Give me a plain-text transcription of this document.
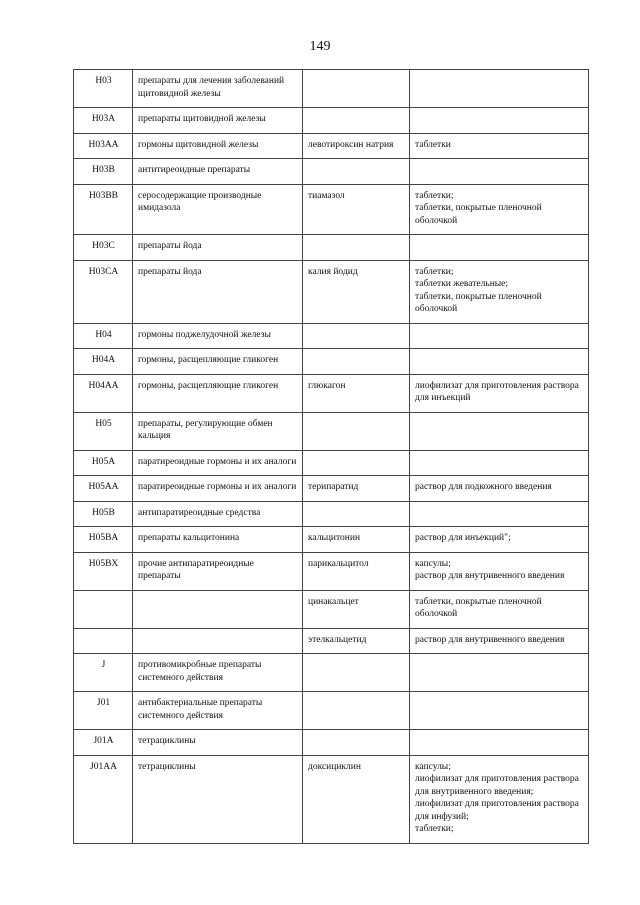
149
H03	препараты для лечения заболеваний щитовидной железы		
H03A	препараты щитовидной железы		
H03AA	гормоны щитовидной железы	левотироксин натрия	таблетки
H03B	антитиреоидные препараты		
H03BB	серосодержащие производные имидазола	тиамазол	таблетки;
таблетки, покрытые пленочной оболочкой
H03C	препараты йода		
H03CA	препараты йода	калия йодид	таблетки;
таблетки жевательные;
таблетки, покрытые пленочной оболочкой
H04	гормоны поджелудочной железы		
H04A	гормоны, расщепляющие гликоген		
H04AA	гормоны, расщепляющие гликоген	глюкагон	лиофилизат для приготовления раствора для инъекций
H05	препараты, регулирующие обмен кальция		
H05A	паратиреоидные гормоны и их аналоги		
H05AA	паратиреоидные гормоны и их аналоги	терипаратид	раствор для подкожного введения
H05B	антипаратиреоидные средства		
H05BA	препараты кальцитонина	кальцитонин	раствор для инъекций";
H05BX	прочие антипаратиреоидные препараты	парикальцитол	капсулы;
раствор для внутривенного введения
		цинакальцет	таблетки, покрытые пленочной оболочкой
		этелкальцетид	раствор для внутривенного введения
J	противомикробные препараты системного действия		
J01	антибактериальные препараты системного действия		
J01A	тетрациклины		
J01AA	тетрациклины	доксициклин	капсулы;
лиофилизат для приготовления раствора для внутривенного введения;
лиофилизат для приготовления раствора для инфузий;
таблетки;
